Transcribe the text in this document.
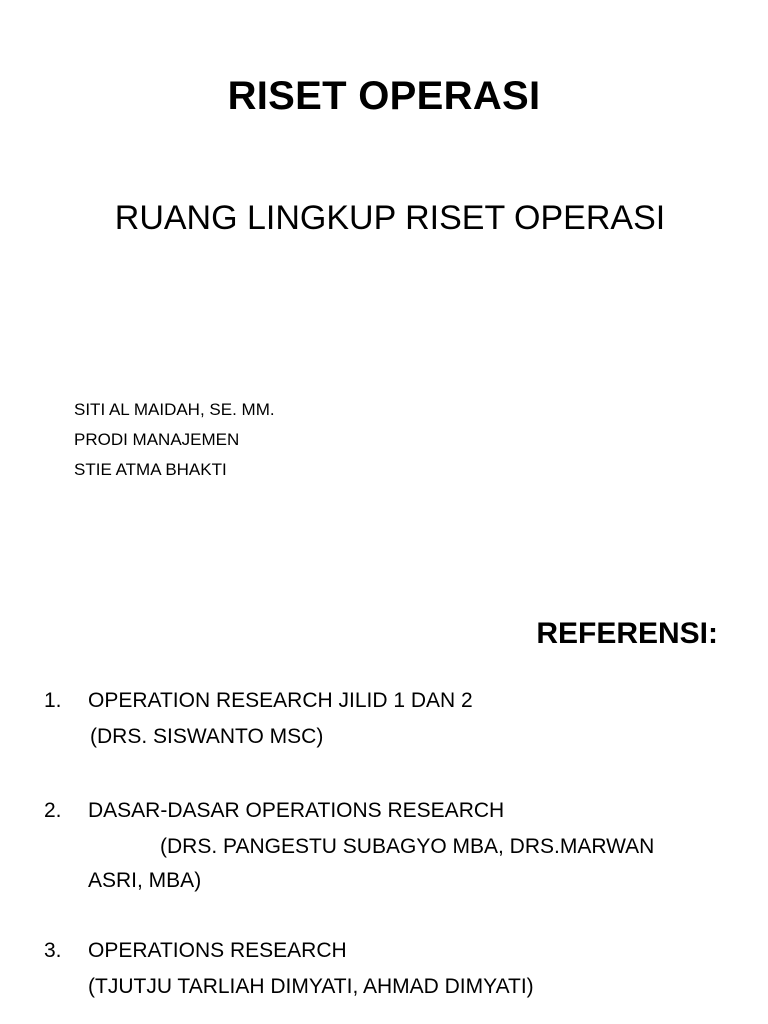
RISET OPERASI
RUANG LINGKUP RISET OPERASI
SITI AL MAIDAH, SE. MM.
PRODI MANAJEMEN
STIE ATMA BHAKTI
REFERENSI:
1. OPERATION RESEARCH JILID 1 DAN 2
(DRS. SISWANTO MSC)
2. DASAR-DASAR OPERATIONS RESEARCH
(DRS. PANGESTU SUBAGYO MBA, DRS.MARWAN ASRI, MBA)
3. OPERATIONS RESEARCH
(TJUTJU TARLIAH DIMYATI, AHMAD DIMYATI)
